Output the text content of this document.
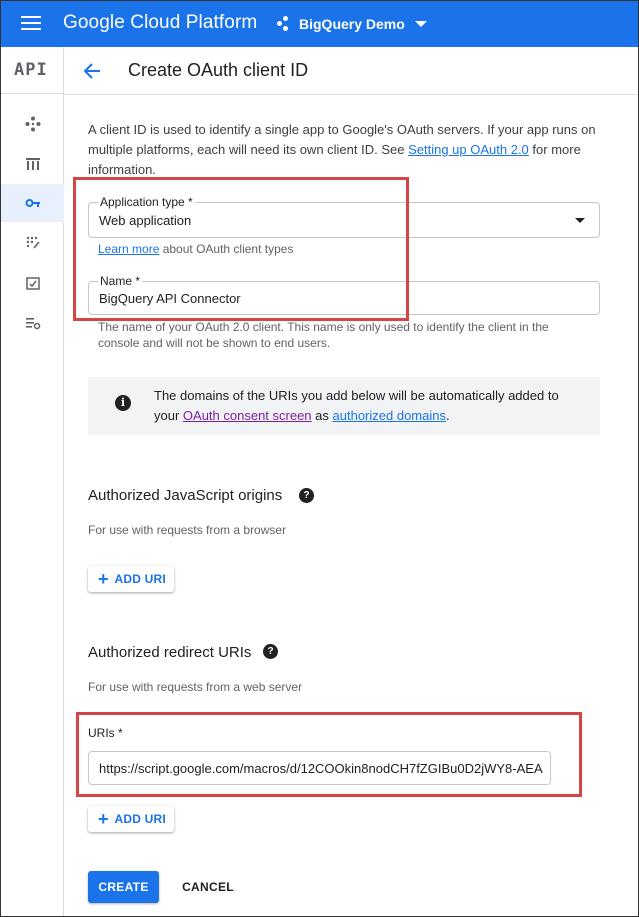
Google Cloud Platform	BigQuery Demo
API	Create OAuth client ID
A client ID is used to identify a single app to Google's OAuth servers. If your app runs on multiple platforms, each will need its own client ID. See Setting up OAuth 2.0 for more information.
Application type *
Web application
Learn more about OAuth client types
Name *
BigQuery API Connector
The name of your OAuth 2.0 client. This name is only used to identify the client in the console and will not be shown to end users.
i	The domains of the URIs you add below will be automatically added to your OAuth consent screen as authorized domains.
Authorized JavaScript origins	?
For use with requests from a browser
+ ADD URI
Authorized redirect URIs	?
For use with requests from a web server
URIs *
https://script.google.com/macros/d/12COOkin8nodCH7fZGIBu0D2jWY8-AEA
+ ADD URI
CREATE	CANCEL
